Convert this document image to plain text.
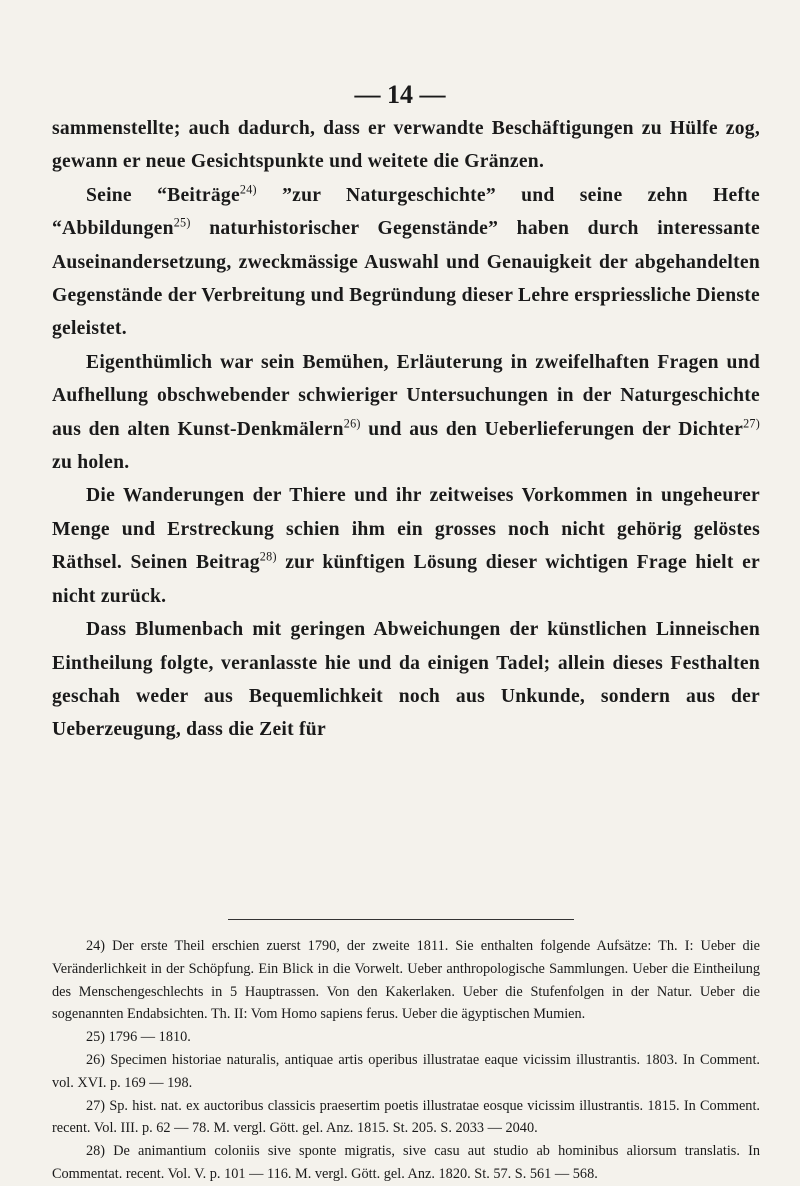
— 14 —

sammenstellte; auch dadurch, dass er verwandte Beschäftigungen zu Hülfe zog, gewann er neue Gesichtspunkte und weitete die Gränzen.

Seine “Beiträge$^{24)}$ ”zur Naturgeschichte” und seine zehn Hefte “Abbildungen$^{25)}$ naturhistorischer Gegenstände” haben durch interessante Auseinandersetzung, zweckmässige Auswahl und Genauigkeit der abgehandelten Gegenstände der Verbreitung und Begründung dieser Lehre erspriessliche Dienste geleistet.

Eigenthümlich war sein Bemühen, Erläuterung in zweifelhaften Fragen und Aufhellung obschwebender schwieriger Untersuchungen in der Naturgeschichte aus den alten Kunst-Denkmälern$^{26)}$ und aus den Ueberlieferungen der Dichter$^{27)}$ zu holen.

Die Wanderungen der Thiere und ihr zeitweises Vorkommen in ungeheurer Menge und Erstreckung schien ihm ein grosses noch nicht gehörig gelöstes Räthsel. Seinen Beitrag$^{28)}$ zur künftigen Lösung dieser wichtigen Frage hielt er nicht zurück.

Dass Blumenbach mit geringen Abweichungen der künstlichen Linneischen Eintheilung folgte, veranlasste hie und da einigen Tadel; allein dieses Festhalten geschah weder aus Bequemlichkeit noch aus Unkunde, sondern aus der Ueberzeugung, dass die Zeit für

24) Der erste Theil erschien zuerst 1790, der zweite 1811. Sie enthalten folgende Aufsätze: Th. I: Ueber die Veränderlichkeit in der Schöpfung. Ein Blick in die Vorwelt. Ueber anthropologische Sammlungen. Ueber die Eintheilung des Menschengeschlechts in 5 Hauptrassen. Von den Kakerlaken. Ueber die Stufenfolgen in der Natur. Ueber die sogenannten Endabsichten. Th. II: Vom Homo sapiens ferus. Ueber die ägyptischen Mumien.

25) 1796 — 1810.

26) Specimen historiae naturalis, antiquae artis operibus illustratae eaque vicissim illustrantis. 1803. In Comment. vol. XVI. p. 169 — 198.

27) Sp. hist. nat. ex auctoribus classicis praesertim poetis illustratae eosque vicissim illustrantis. 1815. In Comment. recent. Vol. III. p. 62 — 78. M. vergl. Gött. gel. Anz. 1815. St. 205. S. 2033 — 2040.

28) De animantium coloniis sive sponte migratis, sive casu aut studio ab hominibus aliorsum translatis. In Commentat. recent. Vol. V. p. 101 — 116. M. vergl. Gött. gel. Anz. 1820. St. 57. S. 561 — 568.
